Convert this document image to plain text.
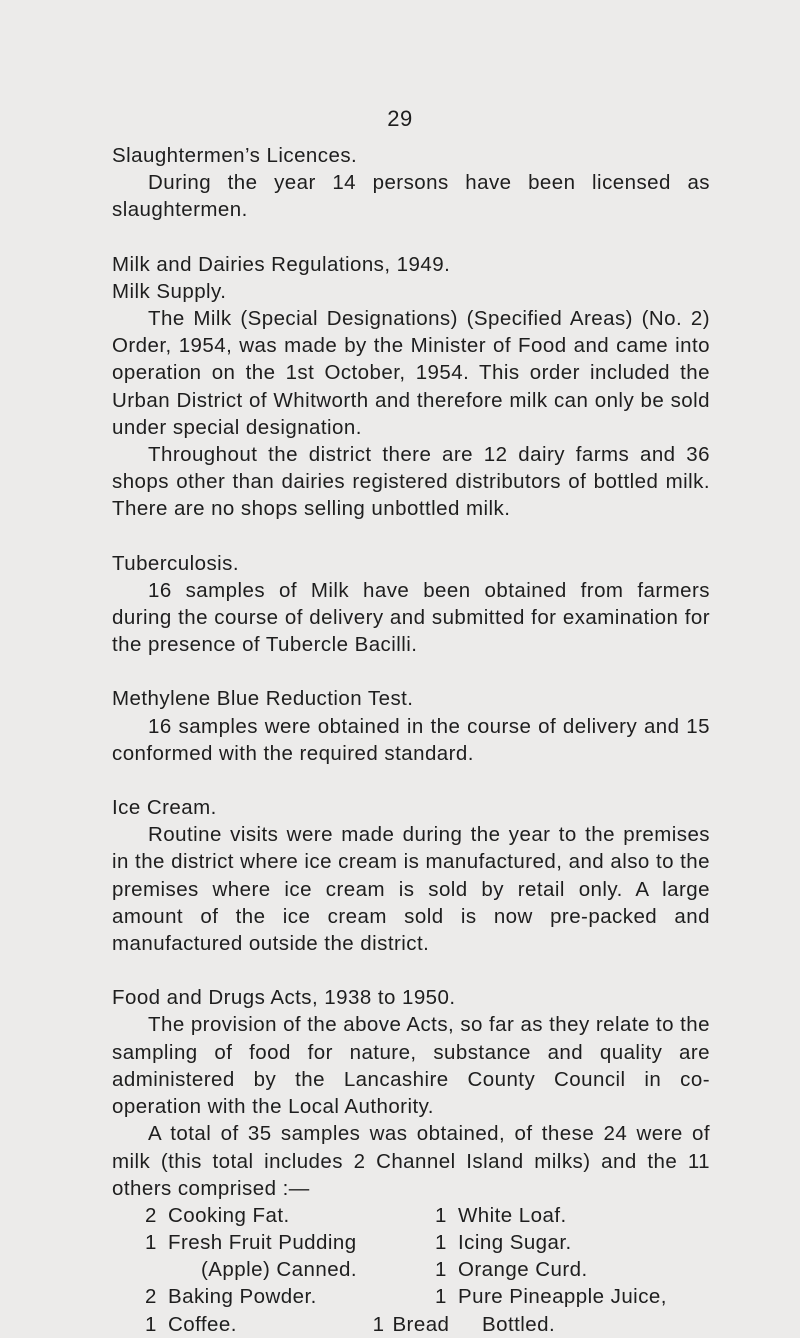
29

Slaughtermen’s Licences.

During the year 14 persons have been licensed as slaughtermen.

Milk and Dairies Regulations, 1949.

Milk Supply.

The Milk (Special Designations) (Specified Areas) (No. 2) Order, 1954, was made by the Minister of Food and came into operation on the 1st October, 1954. This order included the Urban District of Whitworth and therefore milk can only be sold under special designation.

Throughout the district there are 12 dairy farms and 36 shops other than dairies registered distributors of bottled milk. There are no shops selling unbottled milk.

Tuberculosis.

16 samples of Milk have been obtained from farmers during the course of delivery and submitted for examination for the presence of Tubercle Bacilli.

Methylene Blue Reduction Test.

16 samples were obtained in the course of delivery and 15 conformed with the required standard.

Ice Cream.

Routine visits were made during the year to the premises in the district where ice cream is manufactured, and also to the premises where ice cream is sold by retail only. A large amount of the ice cream sold is now pre-packed and manufactured outside the district.

Food and Drugs Acts, 1938 to 1950.

The provision of the above Acts, so far as they relate to the sampling of food for nature, substance and quality are administered by the Lancashire County Council in co-operation with the Local Authority.

A total of 35 samples was obtained, of these 24 were of milk (this total includes 2 Channel Island milks) and the 11 others comprised :—

2 Cooking Fat.
1 Fresh Fruit Pudding
(Apple) Canned.
2 Baking Powder.
1 Coffee.
1 White Loaf.
1 Icing Sugar.
1 Orange Curd.
1 Pure Pineapple Juice,
Bottled.
1 Bread
